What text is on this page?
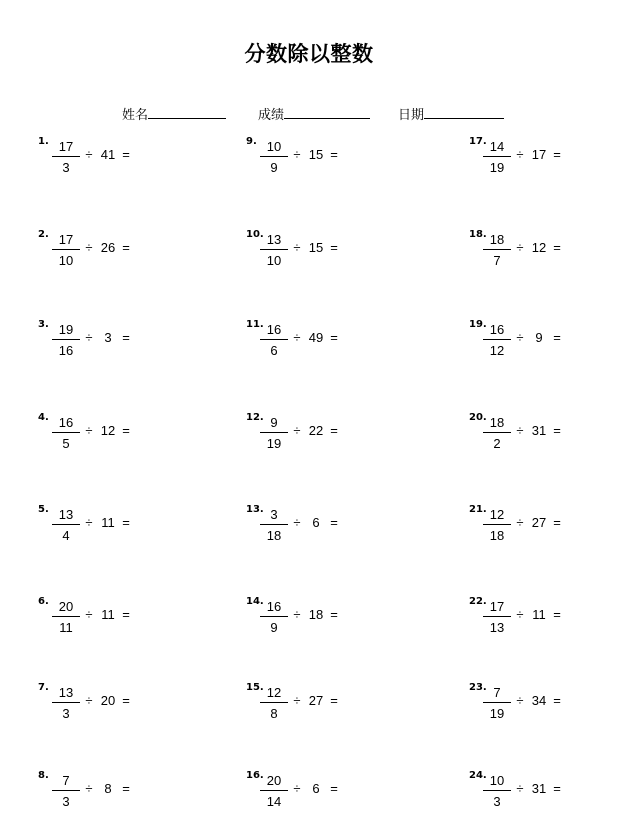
分数除以整数
姓名	成绩	日期
1. 17
3
÷ 41 =
2. 17
10
÷ 26 =
3. 19
16
÷ 3 =
4. 16
5
÷ 12 =
5. 13
4
÷ 11 =
6. 20
11
÷ 11 =
7. 13
3
÷ 20 =
8.	7
3
÷ 8 =
9. 10
9
÷ 15 =
10. 13
10
÷ 15 =
11. 16
6
÷ 49 =
12. 9
19
÷ 22 =
13. 3
18
÷ 6 =
14. 16
9
÷ 18 =
15. 12
8
÷ 27 =
16. 20
14
÷ 6 =
17. 14
19
÷ 17 =
18. 18
7
÷ 12 =
19. 16
12
÷ 9 =
20. 18
2
÷ 31 =
21. 12
18
÷ 27 =
22. 17
13
÷ 11 =
23. 7
19
÷ 34 =
24. 10
3
÷ 31 =
